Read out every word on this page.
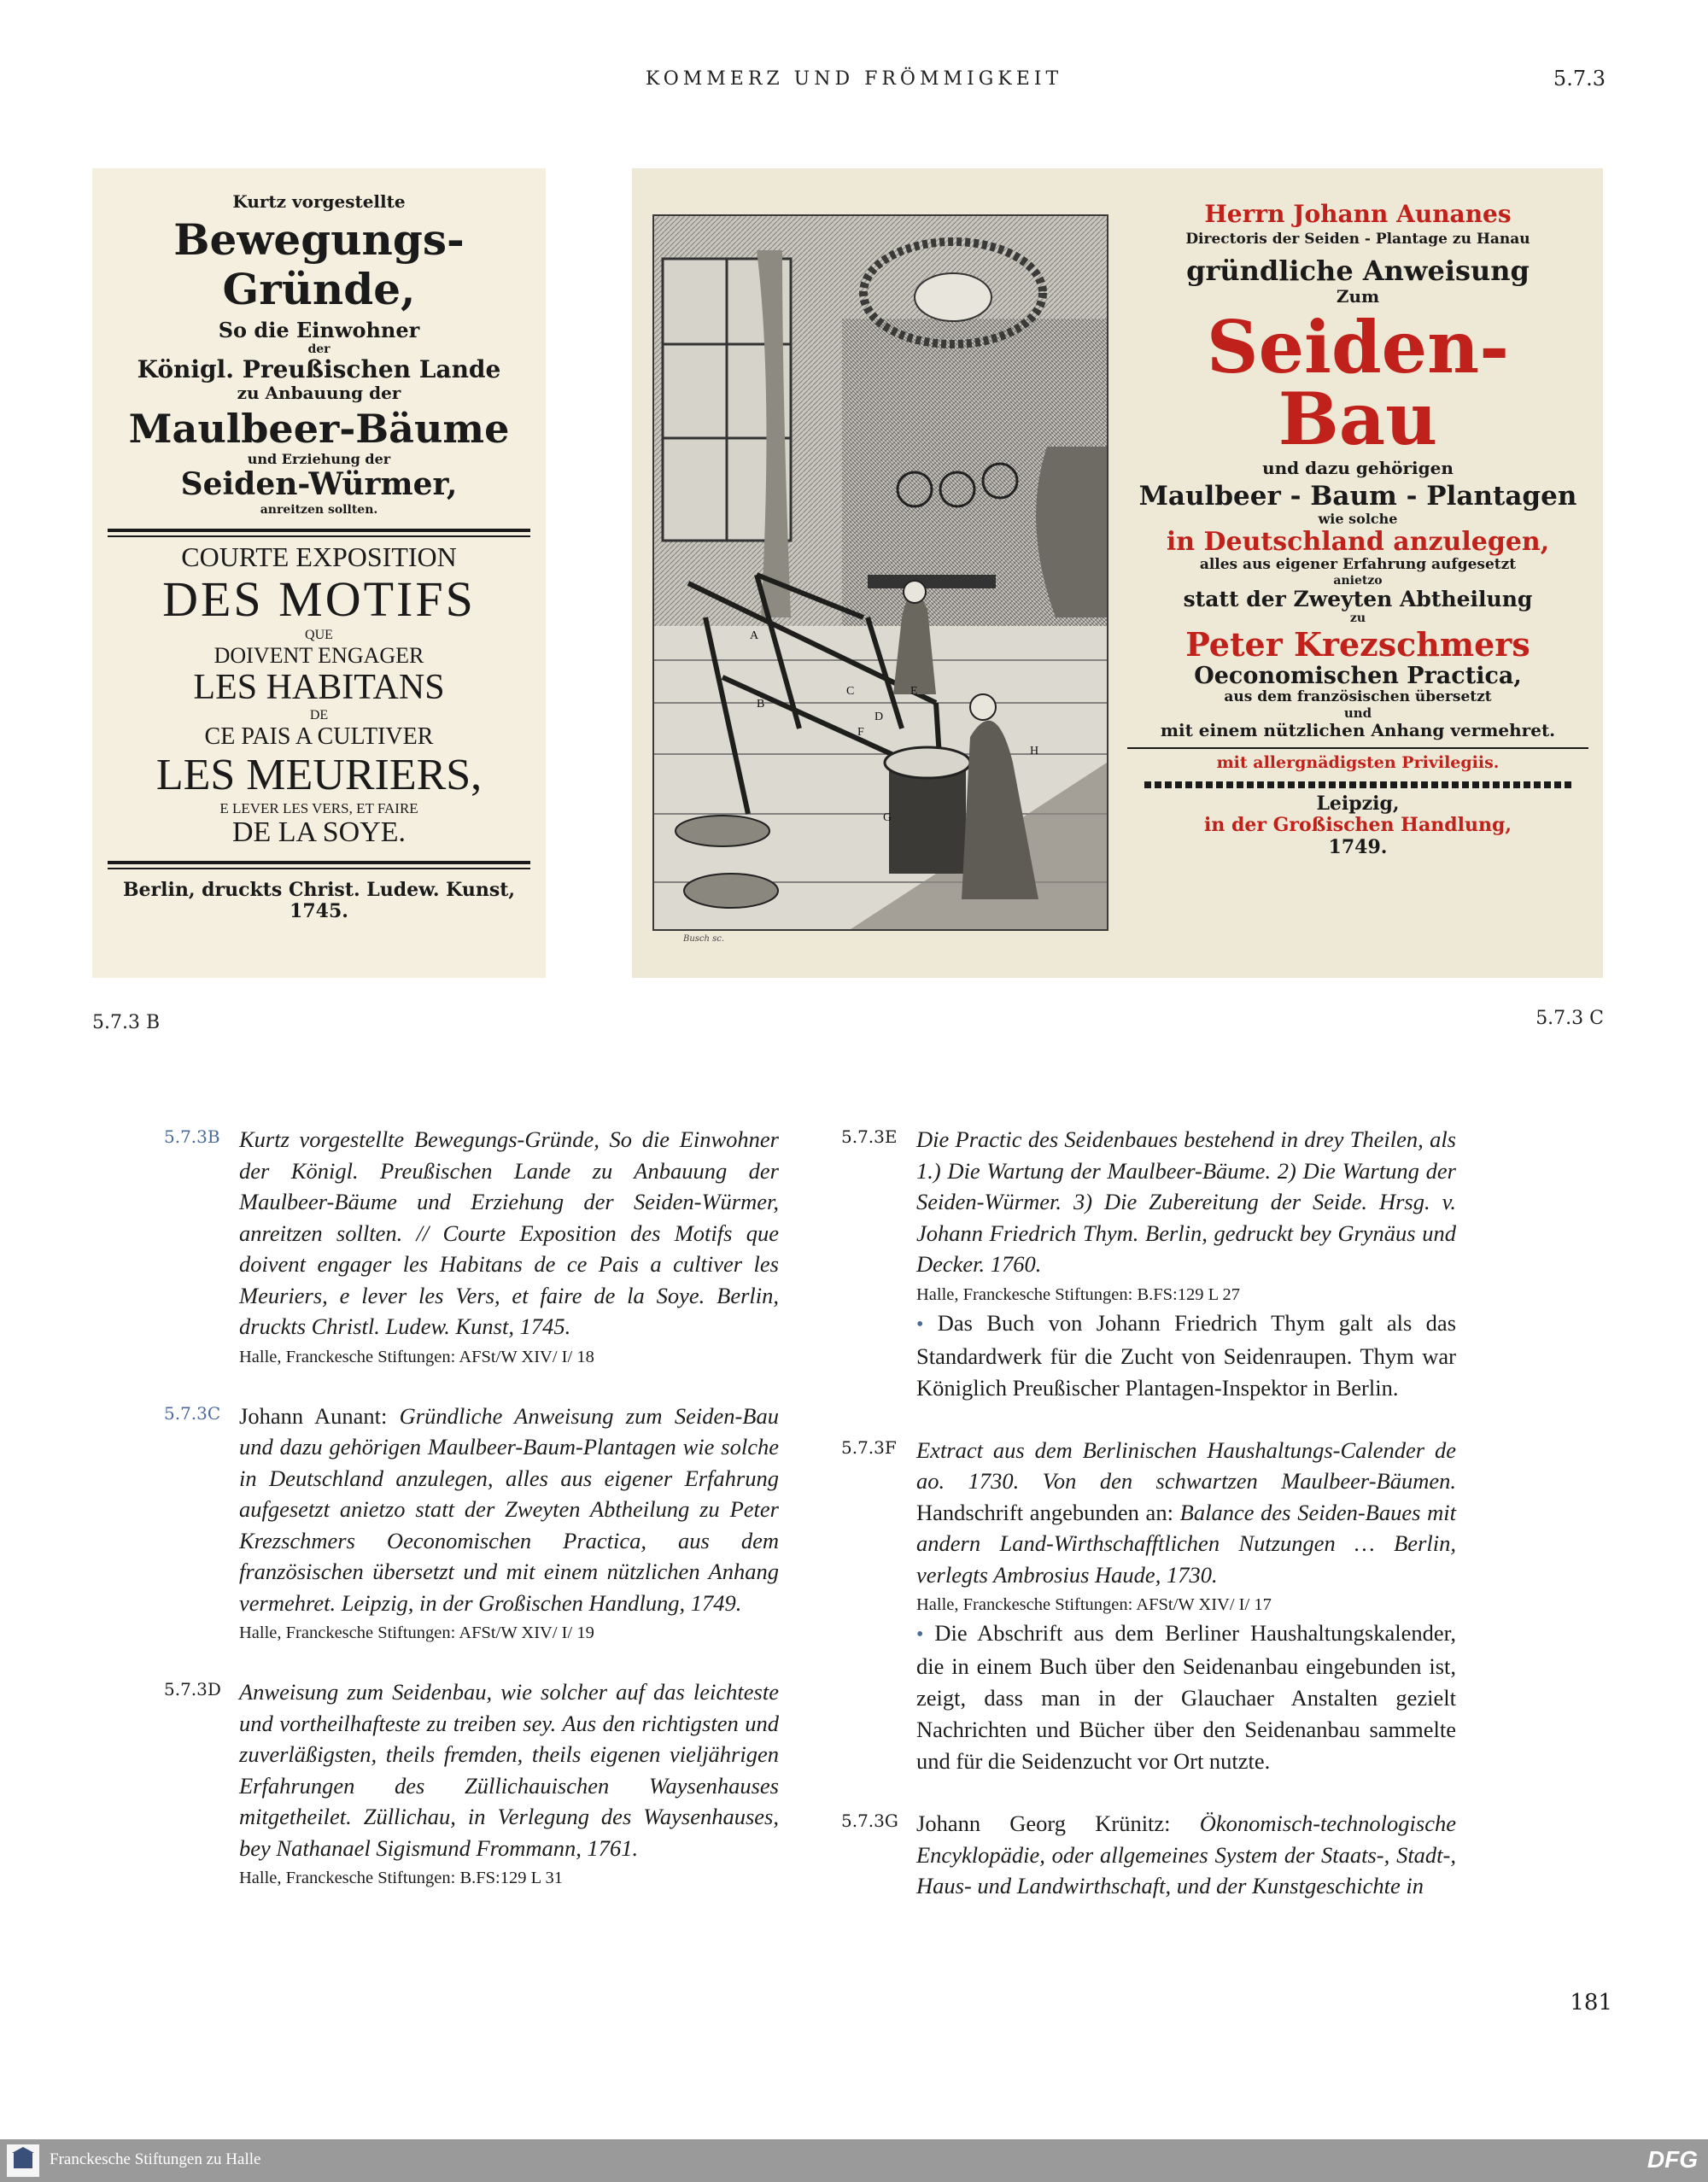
KOMMERZ UND FRÖMMIGKEIT	5.7.3
Kurtz vorgestellte
Bewegungs-Gründe,
So die Einwohner
der
Königl. Preußischen Lande
zu Anbauung der
Maulbeer-Bäume
und Erziehung der
Seiden-Würmer,
anreitzen sollten.
COURTE EXPOSITION
DES MOTIFS
QUE
DOIVENT ENGAGER
LES HABITANS
DE
CE PAIS A CULTIVER
LES MEURIERS,
E LEVER LES VERS, ET FAIRE
DE LA SOYE.
Berlin, druckts Christ. Ludew. Kunst, 1745.
A
B
C
D
E
F
G
H
Busch sc.
Herrn Johann Aunanes
Directoris der Seiden - Plantage zu Hanau
gründliche Anweisung
Zum
Seiden-Bau
und dazu gehörigen
Maulbeer - Baum - Plantagen
wie solche
in Deutschland anzulegen,
alles aus eigener Erfahrung aufgesetzt
anietzo
statt der Zweyten Abtheilung
zu
Peter Krezschmers
Oeconomischen Practica,
aus dem französischen übersetzt
und
mit einem nützlichen Anhang vermehret.
mit allergnädigsten Privilegiis.
Leipzig,
in der Großischen Handlung,
1749.
5.7.3 B	5.7.3 C
5.7.3B Kurtz vorgestellte Bewegungs-Gründe, So die Einwohner der Königl. Preußischen Lande zu Anbauung der Maulbeer-Bäume und Erziehung der Seiden-Würmer, anreitzen sollten. // Courte Exposition des Motifs que doivent engager les Habitans de ce Pais a cultiver les Meuriers, e lever les Vers, et faire de la Soye. Berlin, druckts Christl. Ludew. Kunst, 1745.
Halle, Franckesche Stiftungen: AFSt/W XIV/ I/ 18
5.7.3C Johann Aunant: Gründliche Anweisung zum Seiden-Bau und dazu gehörigen Maulbeer-Baum-Plantagen wie solche in Deutschland anzulegen, alles aus eigener Erfahrung aufgesetzt anietzo statt der Zweyten Abtheilung zu Peter Krezschmers Oeconomischen Practica, aus dem französischen übersetzt und mit einem nützlichen Anhang vermehret. Leipzig, in der Großischen Handlung, 1749.
Halle, Franckesche Stiftungen: AFSt/W XIV/ I/ 19
5.7.3D Anweisung zum Seidenbau, wie solcher auf das leichteste und vortheilhafteste zu treiben sey. Aus den richtigsten und zuverläßigsten, theils fremden, theils eigenen vieljährigen Erfahrungen des Züllichauischen Waysenhauses mitgetheilet. Züllichau, in Verlegung des Waysenhauses, bey Nathanael Sigismund Frommann, 1761.
Halle, Franckesche Stiftungen: B.FS:129 L 31
5.7.3E Die Practic des Seidenbaues bestehend in drey Theilen, als 1.) Die Wartung der Maulbeer-Bäume. 2) Die Wartung der Seiden-Würmer. 3) Die Zubereitung der Seide. Hrsg. v. Johann Friedrich Thym. Berlin, gedruckt bey Grynäus und Decker. 1760.
Halle, Franckesche Stiftungen: B.FS:129 L 27
• Das Buch von Johann Friedrich Thym galt als das Standardwerk für die Zucht von Seidenraupen. Thym war Königlich Preußischer Plantagen-Inspektor in Berlin.
5.7.3F Extract aus dem Berlinischen Haushaltungs-Calender de ao. 1730. Von den schwartzen Maulbeer-Bäumen. Handschrift angebunden an: Balance des Seiden-Baues mit andern Land-Wirthschafftlichen Nutzungen … Berlin, verlegts Ambrosius Haude, 1730.
Halle, Franckesche Stiftungen: AFSt/W XIV/ I/ 17
• Die Abschrift aus dem Berliner Haushaltungskalender, die in einem Buch über den Seidenanbau eingebunden ist, zeigt, dass man in der Glauchaer Anstalten gezielt Nachrichten und Bücher über den Seidenanbau sammelte und für die Seidenzucht vor Ort nutzte.
5.7.3G Johann Georg Krünitz: Ökonomisch-technologische Encyklopädie, oder allgemeines System der Staats-, Stadt-, Haus- und Landwirthschaft, und der Kunstgeschichte in
181
Franckesche Stiftungen zu Halle	DFG
